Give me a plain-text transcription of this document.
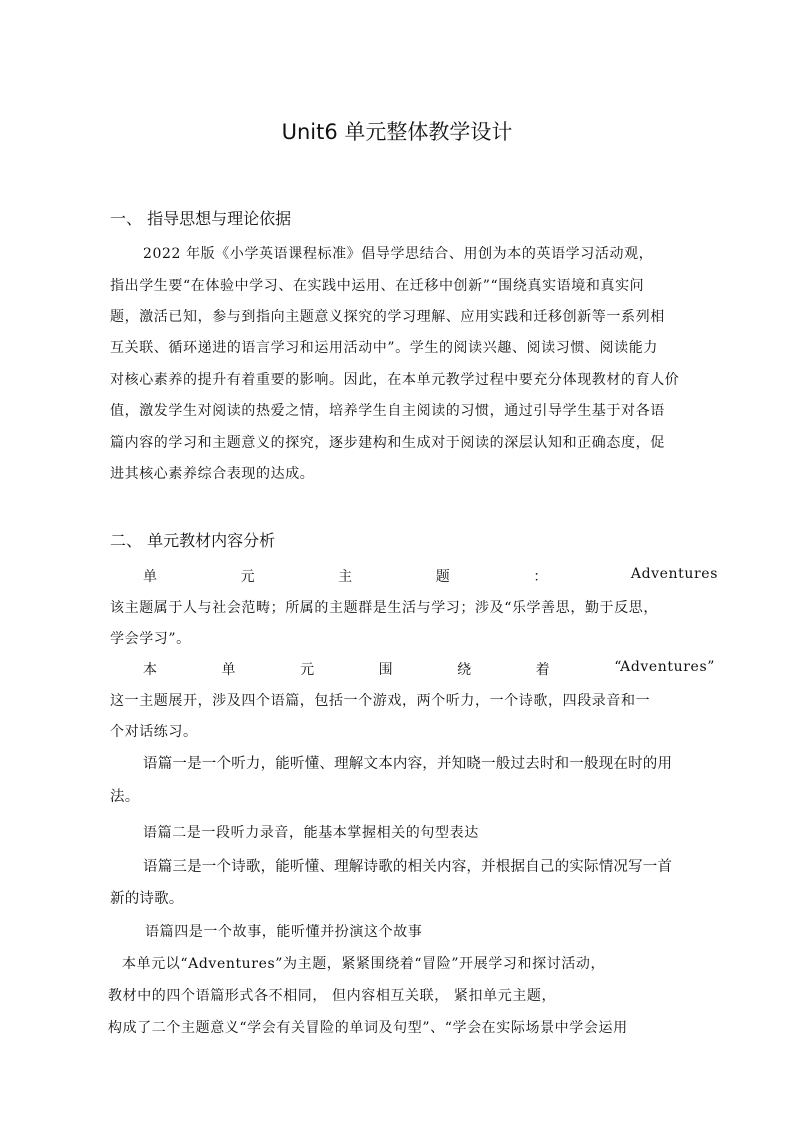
Unit6 单元整体教学设计
一、 指导思想与理论依据
2022 年版《小学英语课程标准》倡导学思结合、用创为本的英语学习活动观，
指出学生要“在体验中学习、在实践中运用、在迁移中创新”“围绕真实语境和真实问
题，激活已知，参与到指向主题意义探究的学习理解、应用实践和迁移创新等一系列相
互关联、循环递进的语言学习和运用活动中”。学生的阅读兴趣、阅读习惯、阅读能力
对核心素养的提升有着重要的影响。因此，在本单元教学过程中要充分体现教材的育人价
值，激发学生对阅读的热爱之情，培养学生自主阅读的习惯，通过引导学生基于对各语
篇内容的学习和主题意义的探究，逐步建构和生成对于阅读的深层认知和正确态度，促
进其核心素养综合表现的达成。
二、 单元教材内容分析
单	元	主	题	：	Adventures
该主题属于人与社会范畴；所属的主题群是生活与学习；涉及“乐学善思，勤于反思，
学会学习”。
本	单	元	围	绕	着	“Adventures”
这一主题展开，涉及四个语篇，包括一个游戏，两个听力，一个诗歌，四段录音和一
个对话练习。
语篇一是一个听力，能听懂、理解文本内容，并知晓一般过去时和一般现在时的用
法。
语篇二是一段听力录音，能基本掌握相关的句型表达
语篇三是一个诗歌，能听懂、理解诗歌的相关内容，并根据自己的实际情况写一首
新的诗歌。
语篇四是一个故事，能听懂并扮演这个故事
本单元以“Adventures”为主题，紧紧围绕着“冒险”开展学习和探讨活动，
教材中的四个语篇形式各不相同， 但内容相互关联， 紧扣单元主题，
构成了二个主题意义“学会有关冒险的单词及句型”、“学会在实际场景中学会运用
